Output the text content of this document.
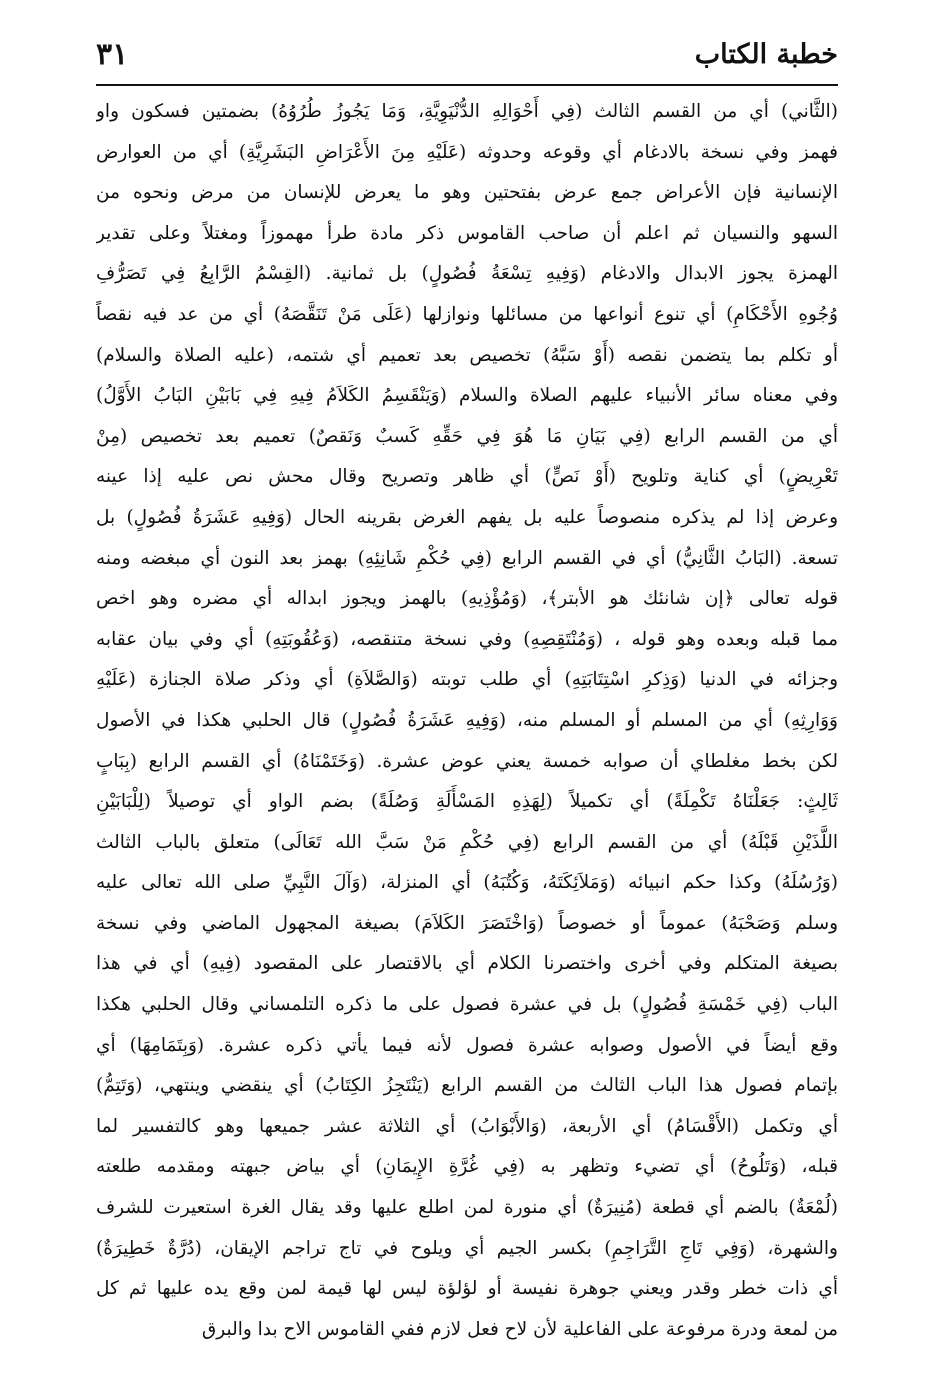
خطبة الكتاب
٣١
(الثَّاني) أي من القسم الثالث (فِي أَحْوَالِهِ الدُّنْيَوِيَّةِ، وَمَا يَجُوزُ طُرُوُهُ) بضمتين فسكون واو
فهمز وفي نسخة بالادغام أي وقوعه وحدوثه (عَلَيْهِ مِنَ الأَعْرَاضِ البَشَرِيَّةِ) أي من العوارض
الإنسانية فإن الأعراض جمع عرض بفتحتين وهو ما يعرض للإنسان من مرض ونحوه من
السهو والنسيان ثم اعلم أن صاحب القاموس ذكر مادة طرأ مهموزاً ومغتلاً وعلى تقدير
الهمزة يجوز الابدال والادغام (وَفِيهِ تِسْعَةُ فُصُولٍ) بل ثمانية. (القِسْمُ الرَّابِعُ فِي تَصَرُّفِ
وُجُوهِ الأَحْكَامِ) أي تنوع أنواعها من مسائلها ونوازلها (عَلَى مَنْ تَنَقَّصَهُ) أي من عد فيه نقصاً
أو تكلم بما يتضمن نقصه (أَوْ سَبَّهُ) تخصيص بعد تعميم أي شتمه، (عليه الصلاة والسلام)
وفي معناه سائر الأنبياء عليهم الصلاة والسلام (وَيَنْقَسِمُ الكَلاَمُ فِيهِ فِي بَابَيْنِ البَابُ الأَوَّلُ)
أي من القسم الرابع (فِي بَيَانِ مَا هُوَ فِي حَقِّهِ كَسبٌ وَنَقصٌ) تعميم بعد تخصيص (مِنْ
تَعْرِيضٍ) أي كناية وتلويح (أَوْ نَصٍّ) أي ظاهر وتصريح وقال محش نص عليه إذا عينه
وعرض إذا لم يذكره منصوصاً عليه بل يفهم الغرض بقرينه الحال (وَفِيهِ عَشَرَةُ فُصُولٍ) بل
تسعة. (البَابُ الثَّانِيُّ) أي في القسم الرابع (فِي حُكْمِ شَانِئِهِ) بهمز بعد النون أي مبغضه ومنه
قوله تعالى ﴿إن شانئك هو الأبتر﴾، (وَمُؤْذِيهِ) بالهمز ويجوز ابداله أي مضره وهو اخص
مما قبله وبعده وهو قوله ، (وَمُنْتَقِصِهِ) وفي نسخة متنقصه، (وَعُقُوبَتِهِ) أي وفي بيان عقابه
وجزائه في الدنيا (وَذِكرِ اسْتِتَابَتِهِ) أي طلب توبته (وَالصَّلاَةِ) أي وذكر صلاة الجنازة (عَلَيْهِ
وَوَارِثِهِ) أي من المسلم أو المسلم منه، (وَفِيهِ عَشَرَةُ فُصُولٍ) قال الحلبي هكذا في الأصول
لكن بخط مغلطاي أن صوابه خمسة يعني عوض عشرة. (وَخَتَمْنَاهُ) أي القسم الرابع (بِبَابٍ
ثَالِثٍ: جَعَلْنَاهُ تَكْمِلَةً) أي تكميلاً (لِهَذِهِ المَسْأَلَةِ وَصُلَةً) بضم الواو أي توصيلاً (لِلْبَابَيْنِ
اللَّذَيْنِ قَبْلَهُ) أي من القسم الرابع (فِي حُكْمِ مَنْ سَبَّ الله تَعَالَى) متعلق بالباب الثالث
(وَرُسُلَهُ) وكذا حكم انبيائه (وَمَلاَئِكَتَهُ، وَكُتُبَهُ) أي المنزلة، (وَآلَ النَّبِيِّ صلى الله تعالى عليه
وسلم وَصَحْبَهُ) عموماً أو خصوصاً (وَاخْتَصَرَ الكَلاَمَ) بصيغة المجهول الماضي وفي نسخة
بصيغة المتكلم وفي أخرى واختصرنا الكلام أي بالاقتصار على المقصود (فِيهِ) أي في هذا
الباب (فِي خَمْسَةِ فُصُولٍ) بل في عشرة فصول على ما ذكره التلمساني وقال الحلبي هكذا
وقع أيضاً في الأصول وصوابه عشرة فصول لأنه فيما يأتي ذكره عشرة. (وَبِتَمَامِهَا) أي
بإتمام فصول هذا الباب الثالث من القسم الرابع (يَنْتَجِزُ الكِتَابُ) أي ينقضي وينتهي، (وَتَتِمُّ)
أي وتكمل (الأَقْسَامُ) أي الأربعة، (وَالأَبْوَابُ) أي الثلاثة عشر جميعها وهو كالتفسير لما
قبله، (وَتَلُوحُ) أي تضيء وتظهر به (فِي غُرَّةِ الإِيمَانِ) أي بياض جبهته ومقدمه طلعته
(لُمْعَةٌ) بالضم أي قطعة (مُنِيرَةٌ) أي منورة لمن اطلع عليها وقد يقال الغرة استعيرت للشرف
والشهرة، (وَفِي تَاجِ التَّرَاجِمِ) بكسر الجيم أي ويلوح في تاج تراجم الإيقان، (دُرَّةٌ خَطِيرَةٌ)
أي ذات خطر وقدر ويعني جوهرة نفيسة أو لؤلؤة ليس لها قيمة لمن وقع يده عليها ثم كل
من لمعة ودرة مرفوعة على الفاعلية لأن لاح فعل لازم ففي القاموس الاح بدا والبرق
